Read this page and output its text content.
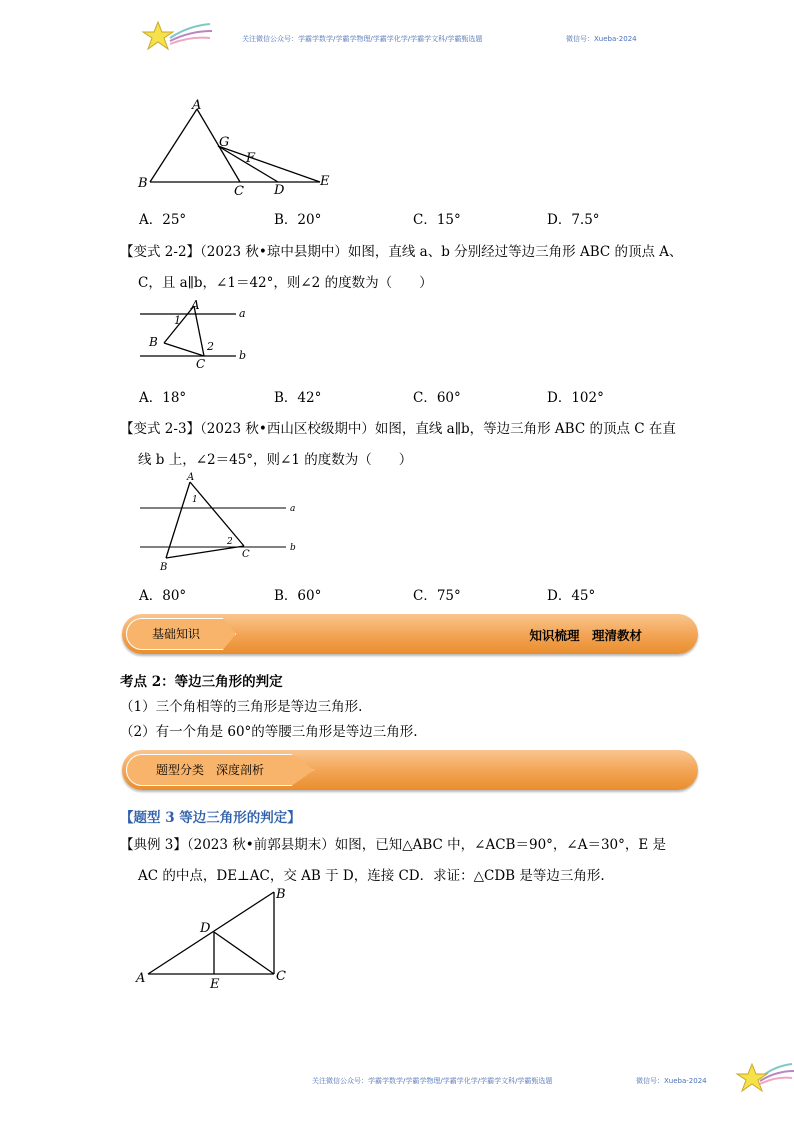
关注微信公众号：学霸学数学/学霸学物理/学霸学化学/学霸学文科/学霸甄选题	微信号：Xueba-2024
A
B
C D
E
F
G
A．25°	B．20°	C．15°	D．7.5°
【变式 2-2】（2023 秋•琼中县期中）如图，直线 a、b 分别经过等边三角形 ABC 的顶点 A、
C，且 a∥b，∠1＝42°，则∠2 的度数为（　　）
A
1
a
B	2
C
b
A．18°	B．42°	C．60°	D．102°
【变式 2-3】（2023 秋•西山区校级期中）如图，直线 a∥b，等边三角形 ABC 的顶点 C 在直
线 b 上，∠2＝45°，则∠1 的度数为（　　）
A
1
a
2
C
b
B
A．80°	B．60°	C．75°	D．45°
基础知识	知识梳理　理清教材
考点 2：等边三角形的判定
（1）三个角相等的三角形是等边三角形.
（2）有一个角是 60°的等腰三角形是等边三角形.
题型分类　深度剖析
【题型 3 等边三角形的判定】
【典例 3】（2023 秋•前郭县期末）如图，已知△ABC 中，∠ACB＝90°，∠A＝30°，E 是
AC 的中点，DE⊥AC，交 AB 于 D，连接 CD．求证：△CDB 是等边三角形.
B
D
A	E
C
关注微信公众号：学霸学数学/学霸学物理/学霸学化学/学霸学文科/学霸甄选题	微信号：Xueba-2024
